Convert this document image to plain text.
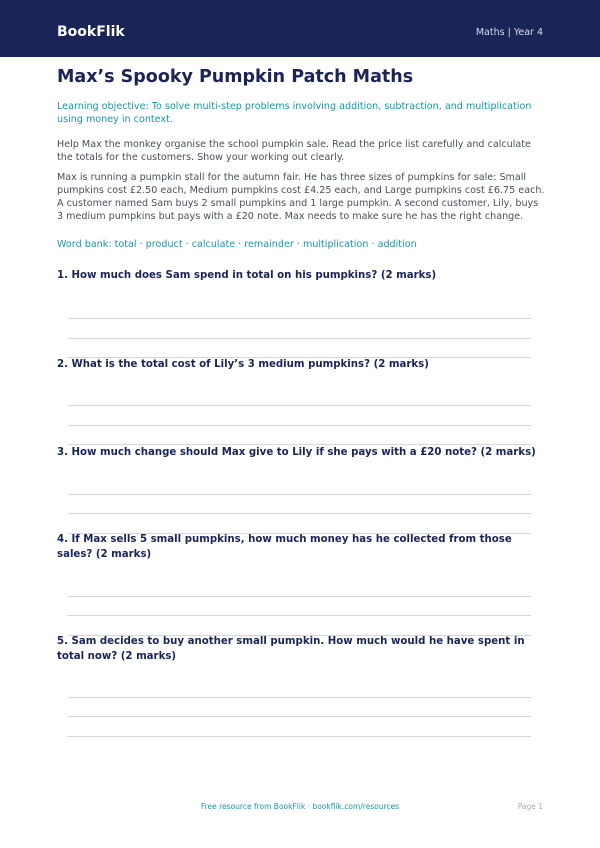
BookFlik	Maths | Year 4
Max’s Spooky Pumpkin Patch Maths

Learning objective: To solve multi-step problems involving addition, subtraction, and multiplication using money in context.

Help Max the monkey organise the school pumpkin sale. Read the price list carefully and calculate the totals for the customers. Show your working out clearly.

Max is running a pumpkin stall for the autumn fair. He has three sizes of pumpkins for sale: Small pumpkins cost £2.50 each, Medium pumpkins cost £4.25 each, and Large pumpkins cost £6.75 each. A customer named Sam buys 2 small pumpkins and 1 large pumpkin. A second customer, Lily, buys 3 medium pumpkins but pays with a £20 note. Max needs to make sure he has the right change.

Word bank: total · product · calculate · remainder · multiplication · addition

1. How much does Sam spend in total on his pumpkins? (2 marks)

2. What is the total cost of Lily’s 3 medium pumpkins? (2 marks)

3. How much change should Max give to Lily if she pays with a £20 note? (2 marks)

4. If Max sells 5 small pumpkins, how much money has he collected from those sales? (2 marks)

5. Sam decides to buy another small pumpkin. How much would he have spent in total now? (2 marks)

Free resource from BookFlik · bookflik.com/resources	Page 1
